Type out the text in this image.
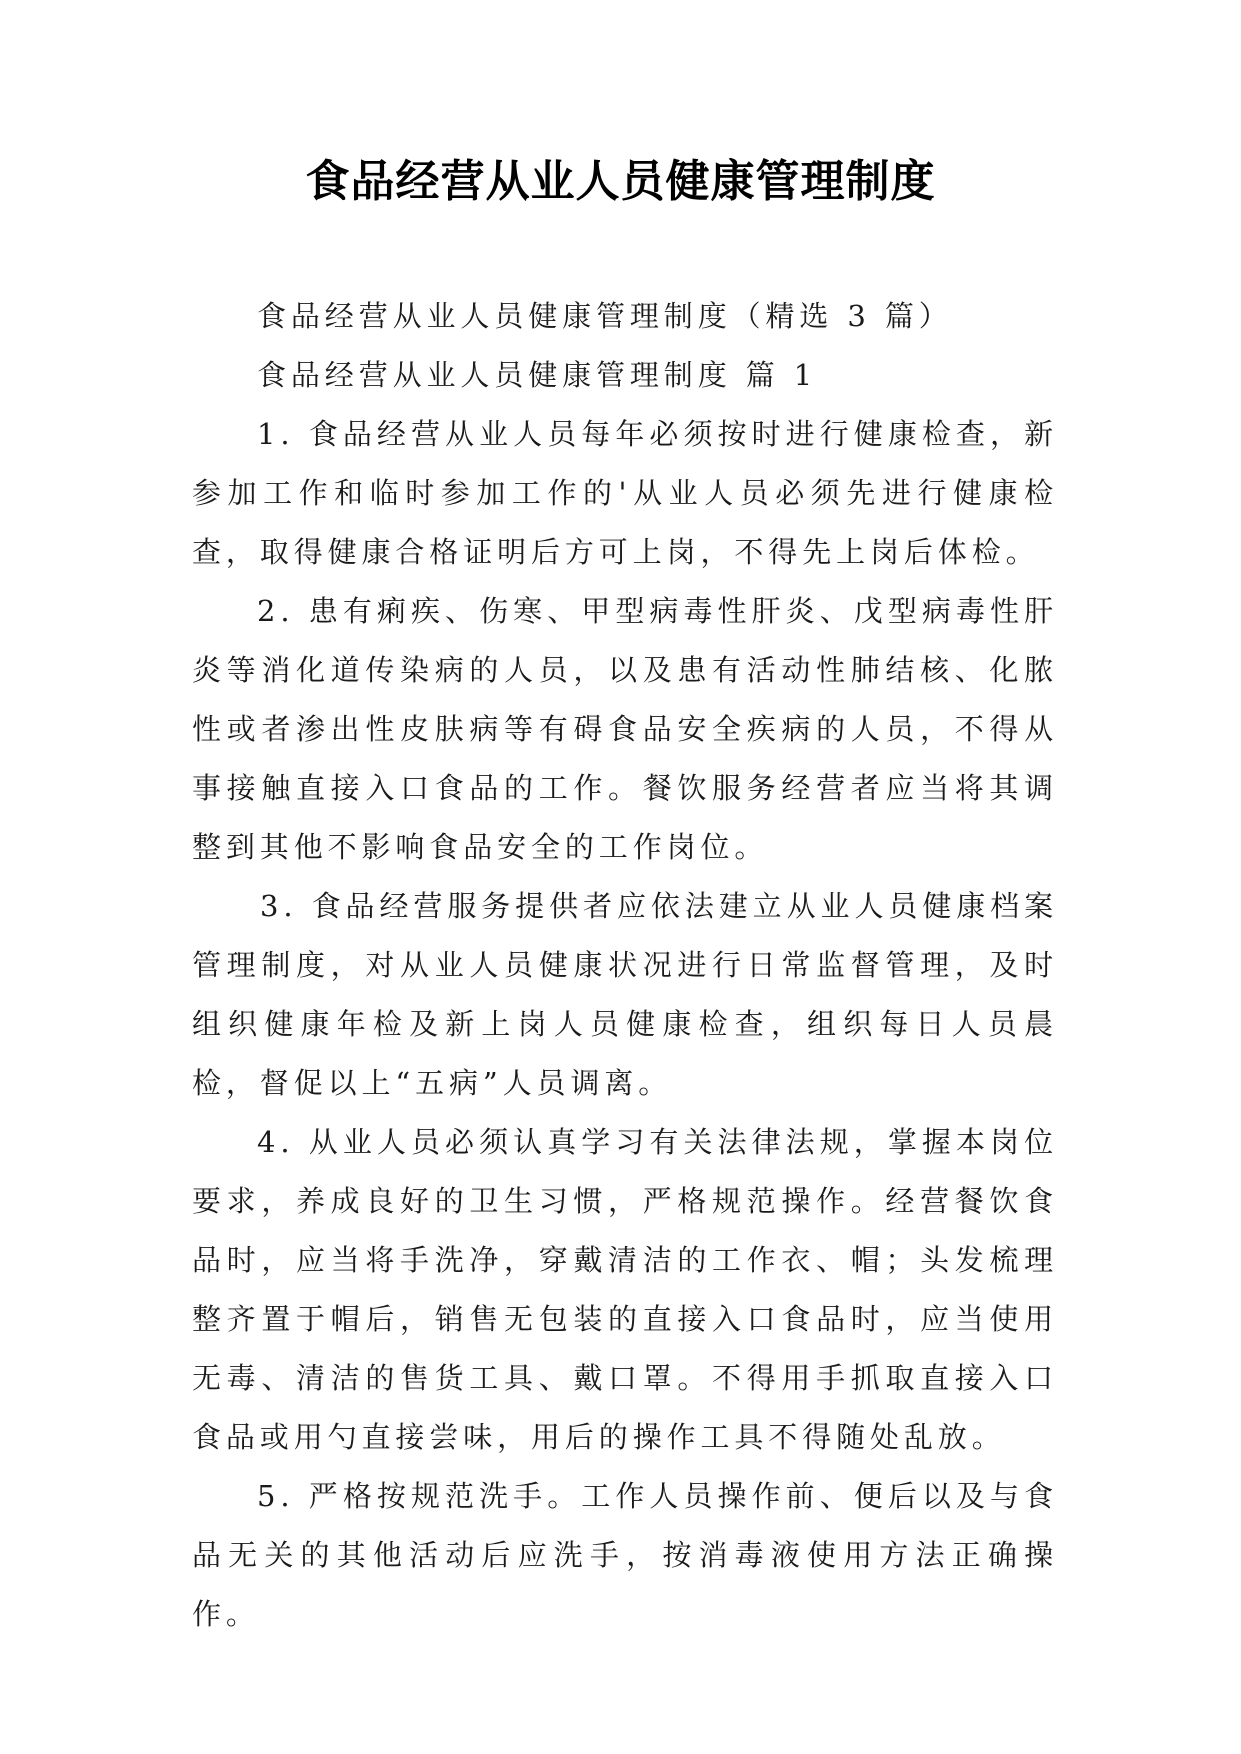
食品经营从业人员健康管理制度

食品经营从业人员健康管理制度（精选 3 篇）

食品经营从业人员健康管理制度 篇 1

1. 食品经营从业人员每年必须按时进行健康检查，新参加工作和临时参加工作的'从业人员必须先进行健康检查，取得健康合格证明后方可上岗，不得先上岗后体检。

2. 患有痢疾、伤寒、甲型病毒性肝炎、戊型病毒性肝炎等消化道传染病的人员，以及患有活动性肺结核、化脓性或者渗出性皮肤病等有碍食品安全疾病的人员，不得从事接触直接入口食品的工作。餐饮服务经营者应当将其调整到其他不影响食品安全的工作岗位。

3. 食品经营服务提供者应依法建立从业人员健康档案管理制度，对从业人员健康状况进行日常监督管理，及时组织健康年检及新上岗人员健康检查，组织每日人员晨检，督促以上“五病”人员调离。

4. 从业人员必须认真学习有关法律法规，掌握本岗位要求，养成良好的卫生习惯，严格规范操作。经营餐饮食品时，应当将手洗净，穿戴清洁的工作衣、帽；头发梳理整齐置于帽后，销售无包装的直接入口食品时，应当使用无毒、清洁的售货工具、戴口罩。不得用手抓取直接入口食品或用勺直接尝味，用后的操作工具不得随处乱放。

5. 严格按规范洗手。工作人员操作前、便后以及与食品无关的其他活动后应洗手，按消毒液使用方法正确操作。
